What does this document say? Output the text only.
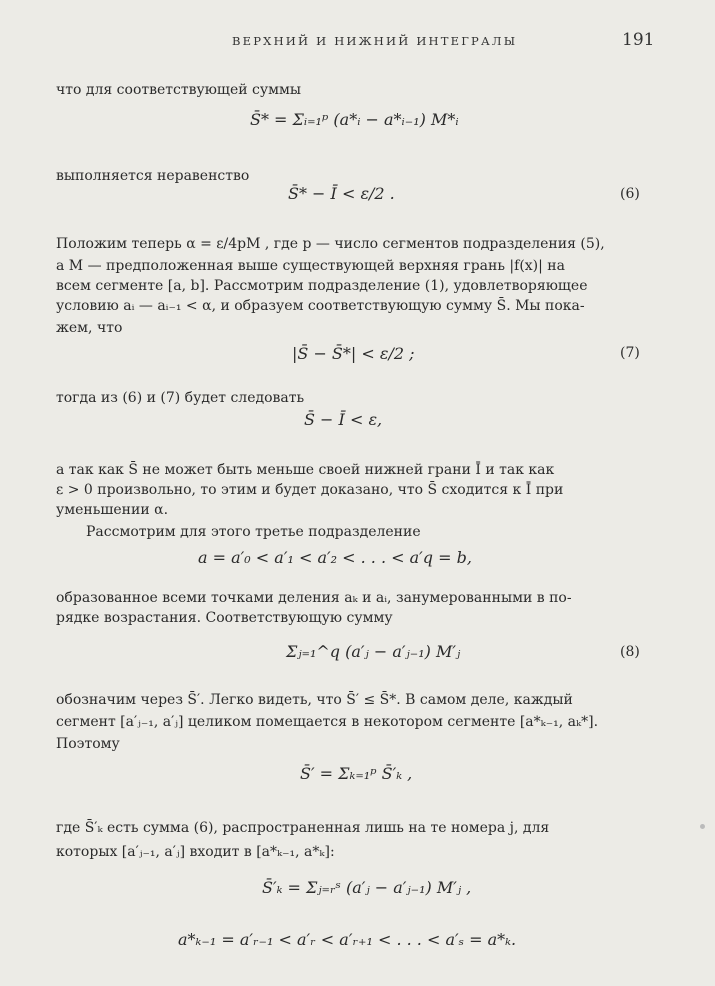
ВЕРХНИЙ И НИЖНИЙ ИНТЕГРАЛЫ	191

что для соответствующей суммы

S̄* = Σᵢ₌₁ᵖ (a*ᵢ − a*ᵢ₋₁) M*ᵢ

выполняется неравенство

S̄* − Ī < ε/2 .	(6)

Положим теперь α = ε/4pM , где p — число сегментов подразделения (5),

а M — предположенная выше существующей верхняя грань |f(x)| на

всем сегменте [a, b]. Рассмотрим подразделение (1), удовлетворяющее

условию aᵢ — aᵢ₋₁ < α, и образуем соответствующую сумму S̄. Мы пока-

жем, что

|S̄ − S̄*| < ε/2 ;	(7)

тогда из (6) и (7) будет следовать

S̄ − Ī < ε,

а так как S̄ не может быть меньше своей нижней грани Ī и так как

ε > 0 произвольно, то этим и будет доказано, что S̄ сходится к Ī при

уменьшении α.

Рассмотрим для этого третье подразделение

a = a′₀ < a′₁ < a′₂ < . . . < a′q = b,

образованное всеми точками деления aₖ и aᵢ, занумерованными в по-

рядке возрастания. Соответствующую сумму

Σⱼ₌₁^q (a′ⱼ − a′ⱼ₋₁) M′ⱼ	(8)

обозначим через S̄′. Легко видеть, что S̄′ ≤ S̄*. В самом деле, каждый

сегмент [a′ⱼ₋₁, a′ⱼ] целиком помещается в некотором сегменте [a*ₖ₋₁, aₖ*].

Поэтому

S̄′ = Σₖ₌₁ᵖ S̄′ₖ ,

где S̄′ₖ есть сумма (6), распространенная лишь на те номера j, для

которых [a′ⱼ₋₁, a′ⱼ] входит в [a*ₖ₋₁, a*ₖ]:

S̄′ₖ = Σⱼ₌ᵣˢ (a′ⱼ − a′ⱼ₋₁) M′ⱼ ,
a*ₖ₋₁ = a′ᵣ₋₁ < a′ᵣ < a′ᵣ₊₁ < . . . < a′ₛ = a*ₖ.
